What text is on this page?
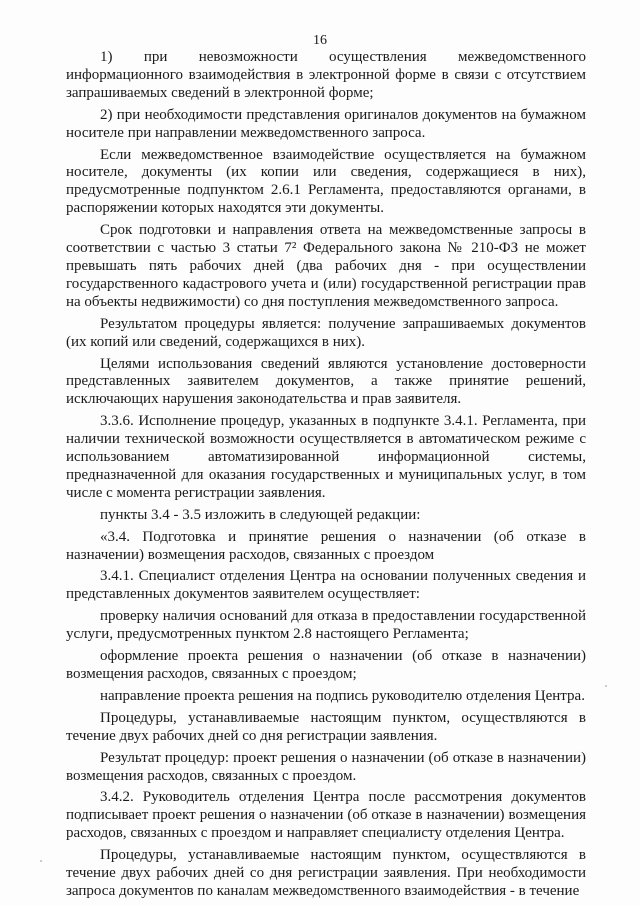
16

1) при невозможности осуществления межведомственного информационного взаимодействия в электронной форме в связи с отсутствием запрашиваемых сведений в электронной форме;

2) при необходимости представления оригиналов документов на бумажном носителе при направлении межведомственного запроса.

Если межведомственное взаимодействие осуществляется на бумажном носителе, документы (их копии или сведения, содержащиеся в них), предусмотренные подпунктом 2.6.1 Регламента, предоставляются органами, в распоряжении которых находятся эти документы.

Срок подготовки и направления ответа на межведомственные запросы в соответствии с частью 3 статьи 7² Федерального закона № 210-ФЗ не может превышать пять рабочих дней (два рабочих дня - при осуществлении государственного кадастрового учета и (или) государственной регистрации прав на объекты недвижимости) со дня поступления межведомственного запроса.

Результатом процедуры является: получение запрашиваемых документов (их копий или сведений, содержащихся в них).

Целями использования сведений являются установление достоверности представленных заявителем документов, а также принятие решений, исключающих нарушения законодательства и прав заявителя.

3.3.6. Исполнение процедур, указанных в подпункте 3.4.1. Регламента, при наличии технической возможности осуществляется в автоматическом режиме с использованием автоматизированной информационной системы, предназначенной для оказания государственных и муниципальных услуг, в том числе с момента регистрации заявления.

пункты 3.4 - 3.5 изложить в следующей редакции:

«3.4. Подготовка и принятие решения о назначении (об отказе в назначении) возмещения расходов, связанных с проездом

3.4.1. Специалист отделения Центра на основании полученных сведения и представленных документов заявителем осуществляет:

проверку наличия оснований для отказа в предоставлении государственной услуги, предусмотренных пунктом 2.8 настоящего Регламента;

оформление проекта решения о назначении (об отказе в назначении) возмещения расходов, связанных с проездом;

направление проекта решения на подпись руководителю отделения Центра.

Процедуры, устанавливаемые настоящим пунктом, осуществляются в течение двух рабочих дней со дня регистрации заявления.

Результат процедур: проект решения о назначении (об отказе в назначении) возмещения расходов, связанных с проездом.

3.4.2. Руководитель отделения Центра после рассмотрения документов подписывает проект решения о назначении (об отказе в назначении) возмещения расходов, связанных с проездом и направляет специалисту отделения Центра.

Процедуры, устанавливаемые настоящим пунктом, осуществляются в течение двух рабочих дней со дня регистрации заявления. При необходимости запроса документов по каналам межведомственного взаимодействия - в течение
